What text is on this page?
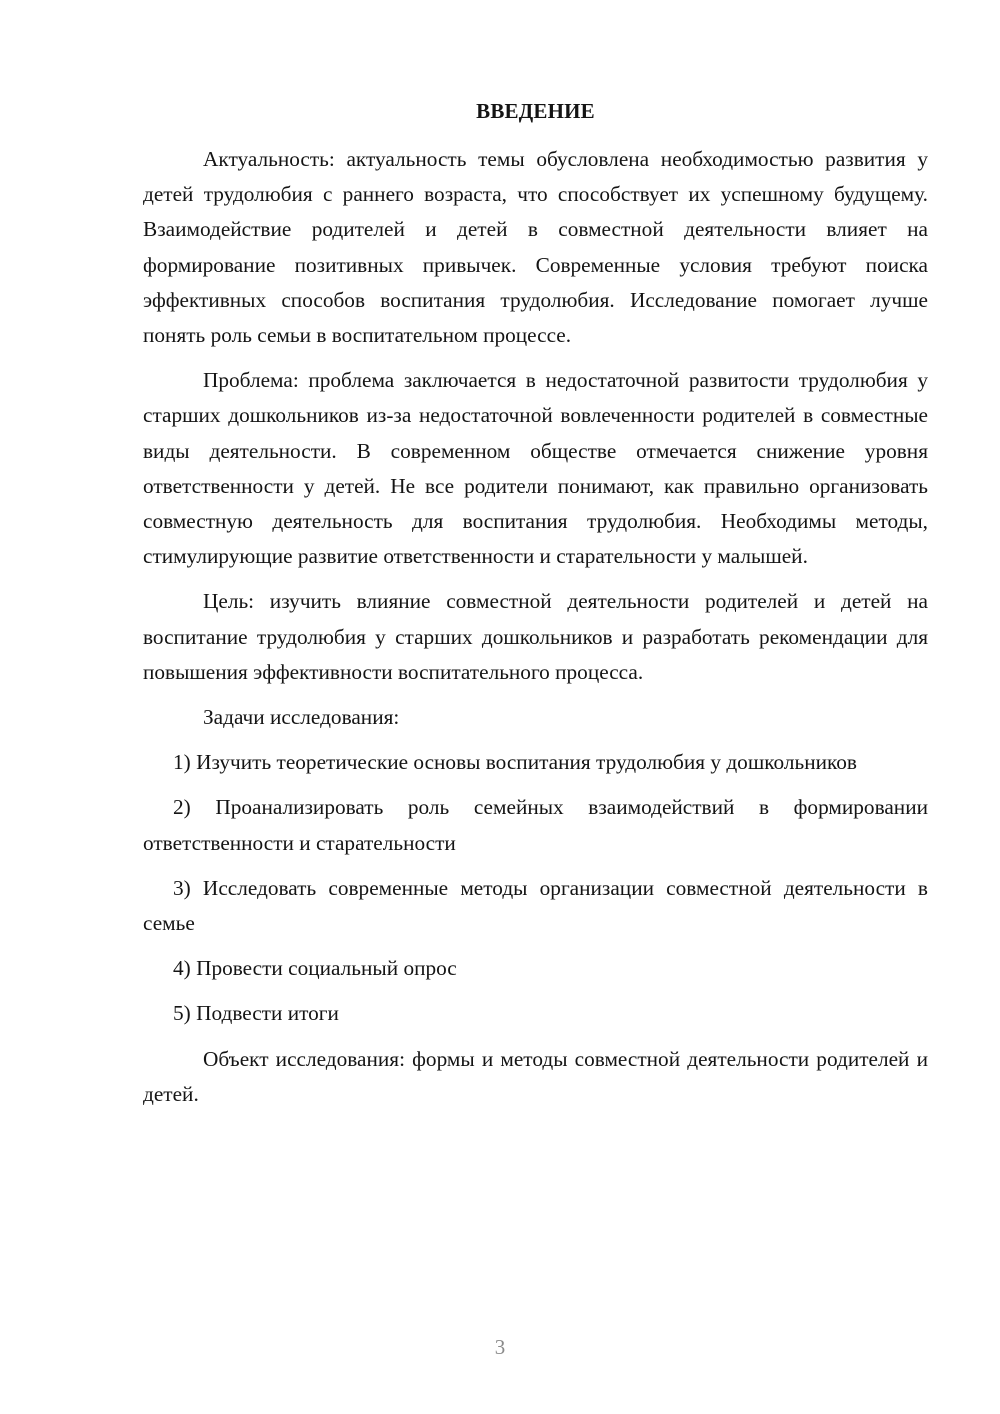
ВВЕДЕНИЕ

Актуальность: актуальность темы обусловлена необходимостью развития у детей трудолюбия с раннего возраста, что способствует их успешному будущему. Взаимодействие родителей и детей в совместной деятельности влияет на формирование позитивных привычек. Современные условия требуют поиска эффективных способов воспитания трудолюбия. Исследование помогает лучше понять роль семьи в воспитательном процессе.

Проблема: проблема заключается в недостаточной развитости трудолюбия у старших дошкольников из-за недостаточной вовлеченности родителей в совместные виды деятельности. В современном обществе отмечается снижение уровня ответственности у детей. Не все родители понимают, как правильно организовать совместную деятельность для воспитания трудолюбия. Необходимы методы, стимулирующие развитие ответственности и старательности у малышей.

Цель: изучить влияние совместной деятельности родителей и детей на воспитание трудолюбия у старших дошкольников и разработать рекомендации для повышения эффективности воспитательного процесса.

Задачи исследования:

1) Изучить теоретические основы воспитания трудолюбия у дошкольников

2) Проанализировать роль семейных взаимодействий в формировании ответственности и старательности

3) Исследовать современные методы организации совместной деятельности в семье

4) Провести социальный опрос

5) Подвести итоги

Объект исследования: формы и методы совместной деятельности родителей и детей.

3
